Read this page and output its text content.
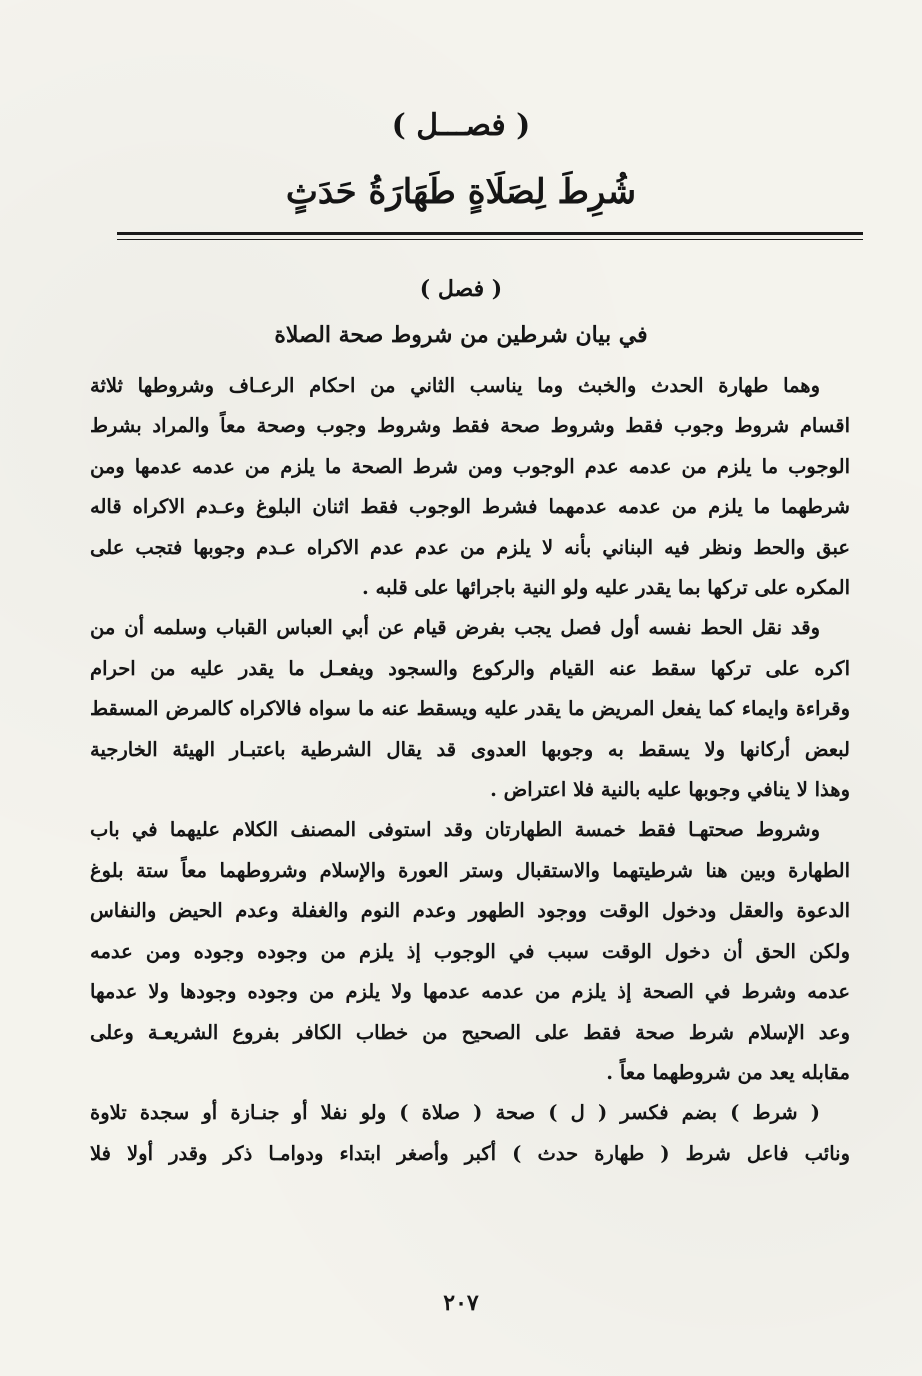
( فصـــل )
شُرِطَ لِصَلَاةٍ طَهَارَةُ حَدَثٍ
( فصل )
في بيان شرطين من شروط صحة الصلاة
وهما طهارة الحدث والخبث وما يناسب الثاني من احكام الرعـاف وشروطها ثلاثة
اقسام شروط وجوب فقط وشروط صحة فقط وشروط وجوب وصحة معاً والمراد بشرط
الوجوب ما يلزم من عدمه عدم الوجوب ومن شرط الصحة ما يلزم من عدمه عدمها ومن
شرطهما ما يلزم من عدمه عدمهما فشرط الوجوب فقط اثنان البلوغ وعـدم الاكراه قاله
عبق والحط ونظر فيه البناني بأنه لا يلزم من عدم عدم الاكراه عـدم وجوبها فتجب على
المكره على تركها بما يقدر عليه ولو النية باجرائها على قلبه .
وقد نقل الحط نفسه أول فصل يجب بفرض قيام عن أبي العباس القباب وسلمه أن من
اكره على تركها سقط عنه القيام والركوع والسجود ويفعـل ما يقدر عليه من احرام
وقراءة وايماء كما يفعل المريض ما يقدر عليه ويسقط عنه ما سواه فالاكراه كالمرض المسقط
لبعض أركانها ولا يسقط به وجوبها العدوى قد يقال الشرطية باعتبـار الهيئة الخارجية
وهذا لا ينافي وجوبها عليه بالنية فلا اعتراض .
وشروط صحتهـا فقط خمسة الطهارتان وقد استوفى المصنف الكلام عليهما في باب
الطهارة وبين هنا شرطيتهما والاستقبال وستر العورة والإسلام وشروطهما معاً ستة بلوغ
الدعوة والعقل ودخول الوقت ووجود الطهور وعدم النوم والغفلة وعدم الحيض والنفاس
ولكن الحق أن دخول الوقت سبب في الوجوب إذ يلزم من وجوده وجوده ومن عدمه
عدمه وشرط في الصحة إذ يلزم من عدمه عدمها ولا يلزم من وجوده وجودها ولا عدمها
وعد الإسلام شرط صحة فقط على الصحيح من خطاب الكافر بفروع الشريعـة وعلى
مقابله يعد من شروطهما معاً .
( شرط ) بضم فكسر ( ل ) صحة ( صلاة ) ولو نفلا أو جنـازة أو سجدة تلاوة
ونائب فاعل شرط ( طهارة حدث ) أكبر وأصغر ابتداء ودوامـا ذكر وقدر أولا فلا
٢٠٧
